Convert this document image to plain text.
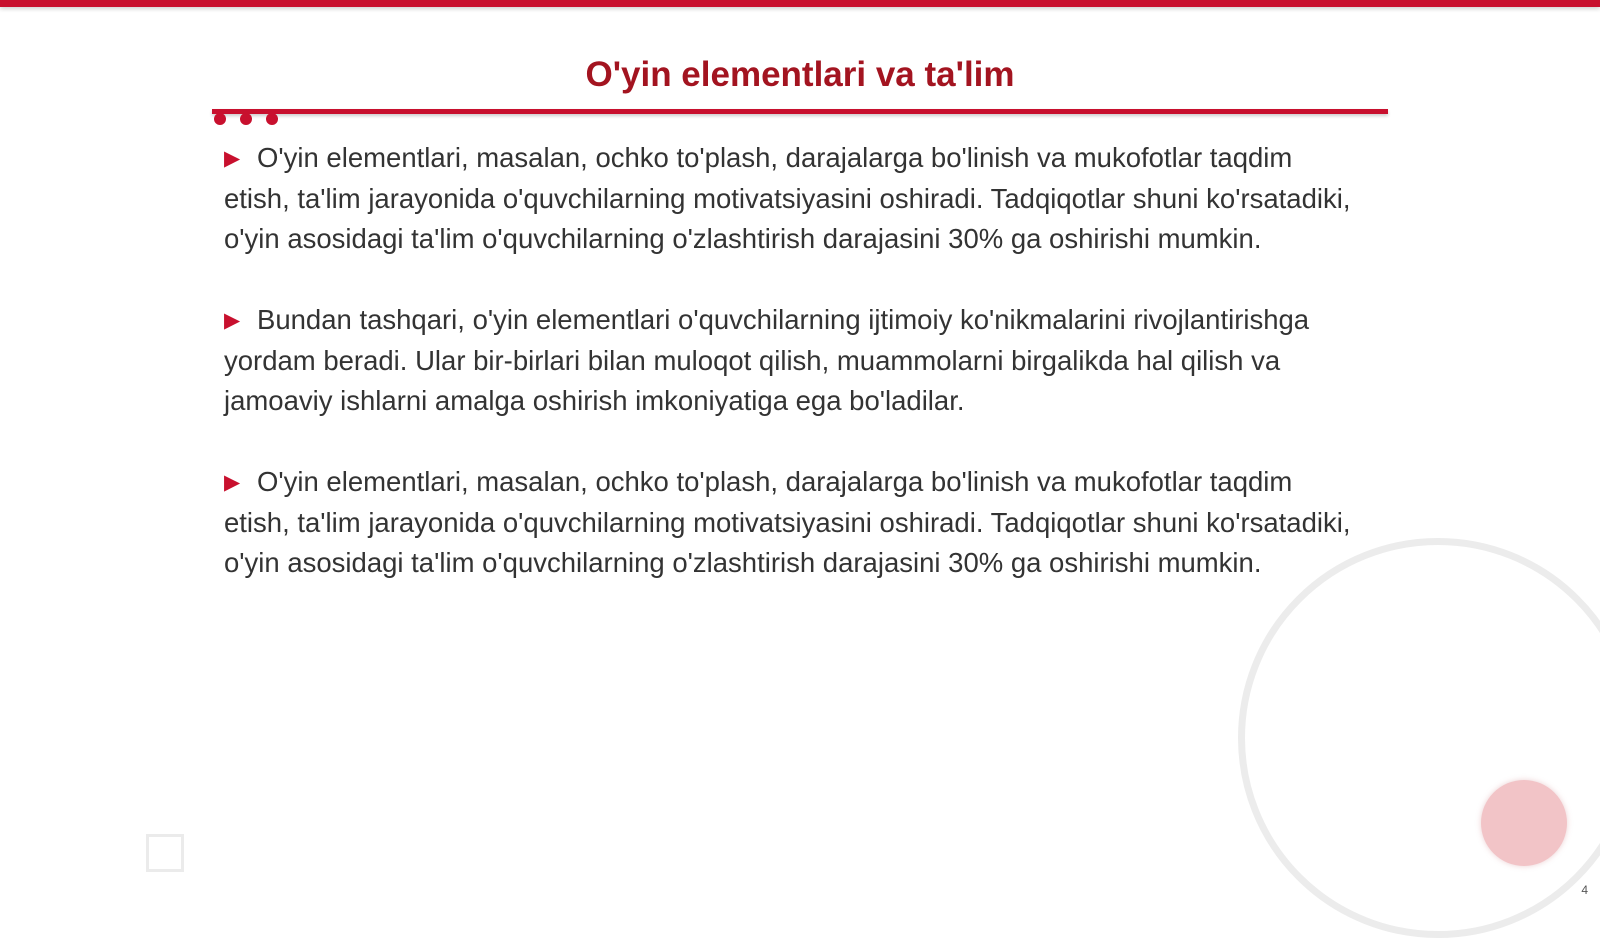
O'yin elementlari va ta'lim

▶ O'yin elementlari, masalan, ochko to'plash, darajalarga bo'linish va mukofotlar taqdim etish, ta'lim jarayonida o'quvchilarning motivatsiyasini oshiradi. Tadqiqotlar shuni ko'rsatadiki, o'yin asosidagi ta'lim o'quvchilarning o'zlashtirish darajasini 30% ga oshirishi mumkin.

▶ Bundan tashqari, o'yin elementlari o'quvchilarning ijtimoiy ko'nikmalarini rivojlantirishga yordam beradi. Ular bir-birlari bilan muloqot qilish, muammolarni birgalikda hal qilish va jamoaviy ishlarni amalga oshirish imkoniyatiga ega bo'ladilar.

▶ O'yin elementlari, masalan, ochko to'plash, darajalarga bo'linish va mukofotlar taqdim etish, ta'lim jarayonida o'quvchilarning motivatsiyasini oshiradi. Tadqiqotlar shuni ko'rsatadiki, o'yin asosidagi ta'lim o'quvchilarning o'zlashtirish darajasini 30% ga oshirishi mumkin.

4
